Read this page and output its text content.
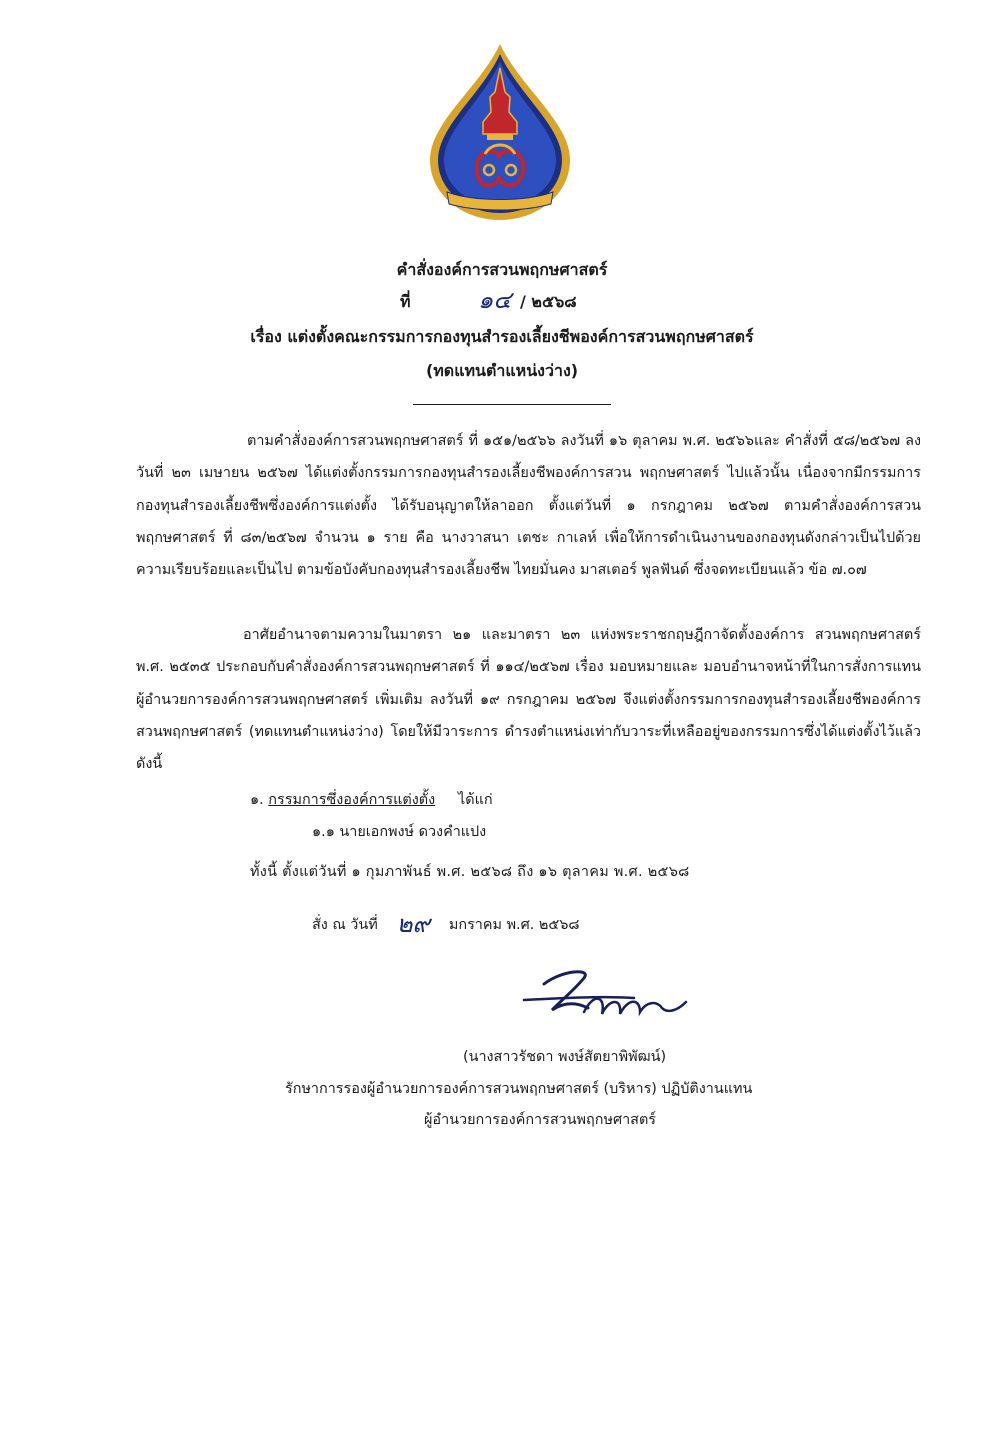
คำสั่งองค์การสวนพฤกษศาสตร์
ที่	๑๔ / ๒๕๖๘
เรื่อง แต่งตั้งคณะกรรมการกองทุนสำรองเลี้ยงชีพองค์การสวนพฤกษศาสตร์
(ทดแทนตำแหน่งว่าง)
ตามคำสั่งองค์การสวนพฤกษศาสตร์ ที่ ๑๕๑/๒๕๖๖ ลงวันที่ ๑๖ ตุลาคม พ.ศ. ๒๕๖๖และ คำสั่งที่ ๕๘/๒๕๖๗ ลงวันที่ ๒๓ เมษายน ๒๕๖๗ ได้แต่งตั้งกรรมการกองทุนสำรองเลี้ยงชีพองค์การสวน พฤกษศาสตร์ ไปแล้วนั้น เนื่องจากมีกรรมการกองทุนสำรองเลี้ยงชีพซึ่งองค์การแต่งตั้ง ได้รับอนุญาตให้ลาออก ตั้งแต่วันที่ ๑ กรกฎาคม ๒๕๖๗ ตามคำสั่งองค์การสวนพฤกษศาสตร์ ที่ ๘๓/๒๕๖๗ จำนวน ๑ ราย คือ นางวาสนา เตชะ กาเลห์ เพื่อให้การดำเนินงานของกองทุนดังกล่าวเป็นไปด้วยความเรียบร้อยและเป็นไป ตามข้อบังคับกองทุนสำรองเลี้ยงชีพ ไทยมั่นคง มาสเตอร์ พูลฟันด์ ซึ่งจดทะเบียนแล้ว ข้อ ๗.๐๗
อาศัยอำนาจตามความในมาตรา ๒๑ และมาตรา ๒๓ แห่งพระราชกฤษฎีกาจัดตั้งองค์การ สวนพฤกษศาสตร์ พ.ศ. ๒๕๓๕ ประกอบกับคำสั่งองค์การสวนพฤกษศาสตร์ ที่ ๑๑๔/๒๕๖๗ เรื่อง มอบหมายและ มอบอำนาจหน้าที่ในการสั่งการแทนผู้อำนวยการองค์การสวนพฤกษศาสตร์ เพิ่มเติม ลงวันที่ ๑๙ กรกฎาคม ๒๕๖๗ จึงแต่งตั้งกรรมการกองทุนสำรองเลี้ยงชีพองค์การสวนพฤกษศาสตร์ (ทดแทนตำแหน่งว่าง) โดยให้มีวาระการ ดำรงตำแหน่งเท่ากับวาระที่เหลืออยู่ของกรรมการซึ่งได้แต่งตั้งไว้แล้ว ดังนี้
๑. กรรมการซึ่งองค์การแต่งตั้ง ได้แก่
๑.๑ นายเอกพงษ์ ดวงคำแปง
ทั้งนี้ ตั้งแต่วันที่ ๑ กุมภาพันธ์ พ.ศ. ๒๕๖๘ ถึง ๑๖ ตุลาคม พ.ศ. ๒๕๖๘
สั่ง ณ วันที่ ๒๙ มกราคม พ.ศ. ๒๕๖๘
(นางสาวรัชดา พงษ์สัตยาพิพัฒน์)
รักษาการรองผู้อำนวยการองค์การสวนพฤกษศาสตร์ (บริหาร) ปฏิบัติงานแทน
ผู้อำนวยการองค์การสวนพฤกษศาสตร์
